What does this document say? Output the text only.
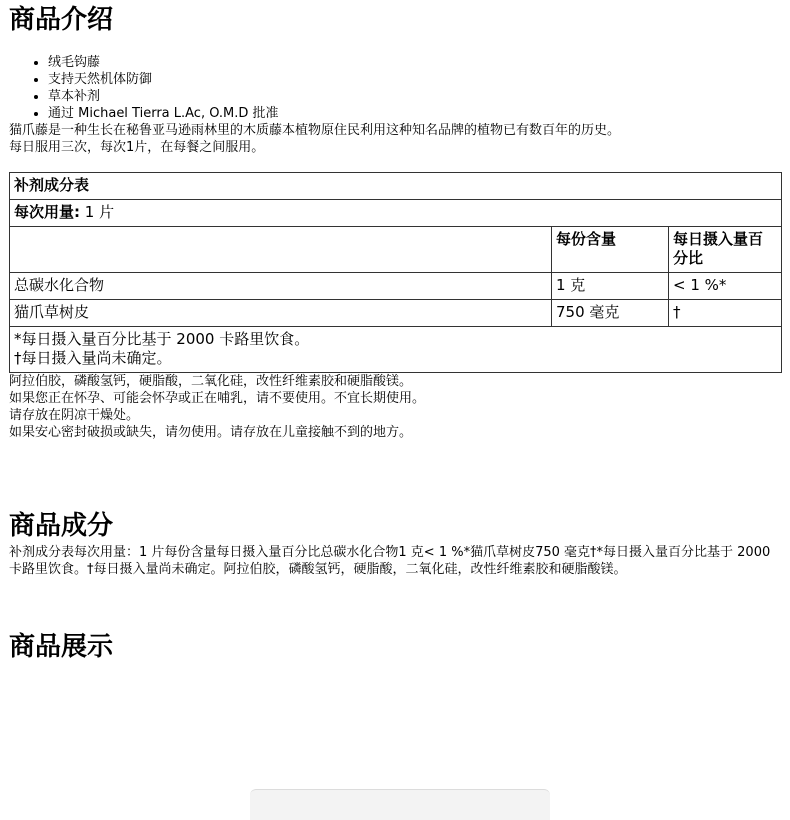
商品介绍
• 绒毛钩藤
• 支持天然机体防御
• 草本补剂
• 通过 Michael Tierra L.Ac, O.M.D 批准

猫爪藤是一种生长在秘鲁亚马逊雨林里的木质藤本植物原住民利用这种知名品牌的植物已有数百年的历史。

每日服用三次，每次1片，在每餐之间服用。

补剂成分表		
每次用量: 1 片		
	每份含量	每日摄入量百分比
总碳水化合物	1 克	< 1 %*
猫爪草树皮	750 毫克	†

*每日摄入量百分比基于 2000 卡路里饮食。
†每日摄入量尚未确定。		

阿拉伯胶，磷酸氢钙，硬脂酸，二氧化硅，改性纤维素胶和硬脂酸镁。

如果您正在怀孕、可能会怀孕或正在哺乳，请不要使用。不宜长期使用。

请存放在阴凉干燥处。

如果安心密封破损或缺失，请勿使用。请存放在儿童接触不到的地方。

商品成分

补剂成分表每次用量：1 片每份含量每日摄入量百分比总碳水化合物1 克< 1 %*猫爪草树皮750 毫克†*每日摄入量百分比基于 2000 卡路里饮食。†每日摄入量尚未确定。阿拉伯胶，磷酸氢钙，硬脂酸，二氧化硅，改性纤维素胶和硬脂酸镁。

商品展示
